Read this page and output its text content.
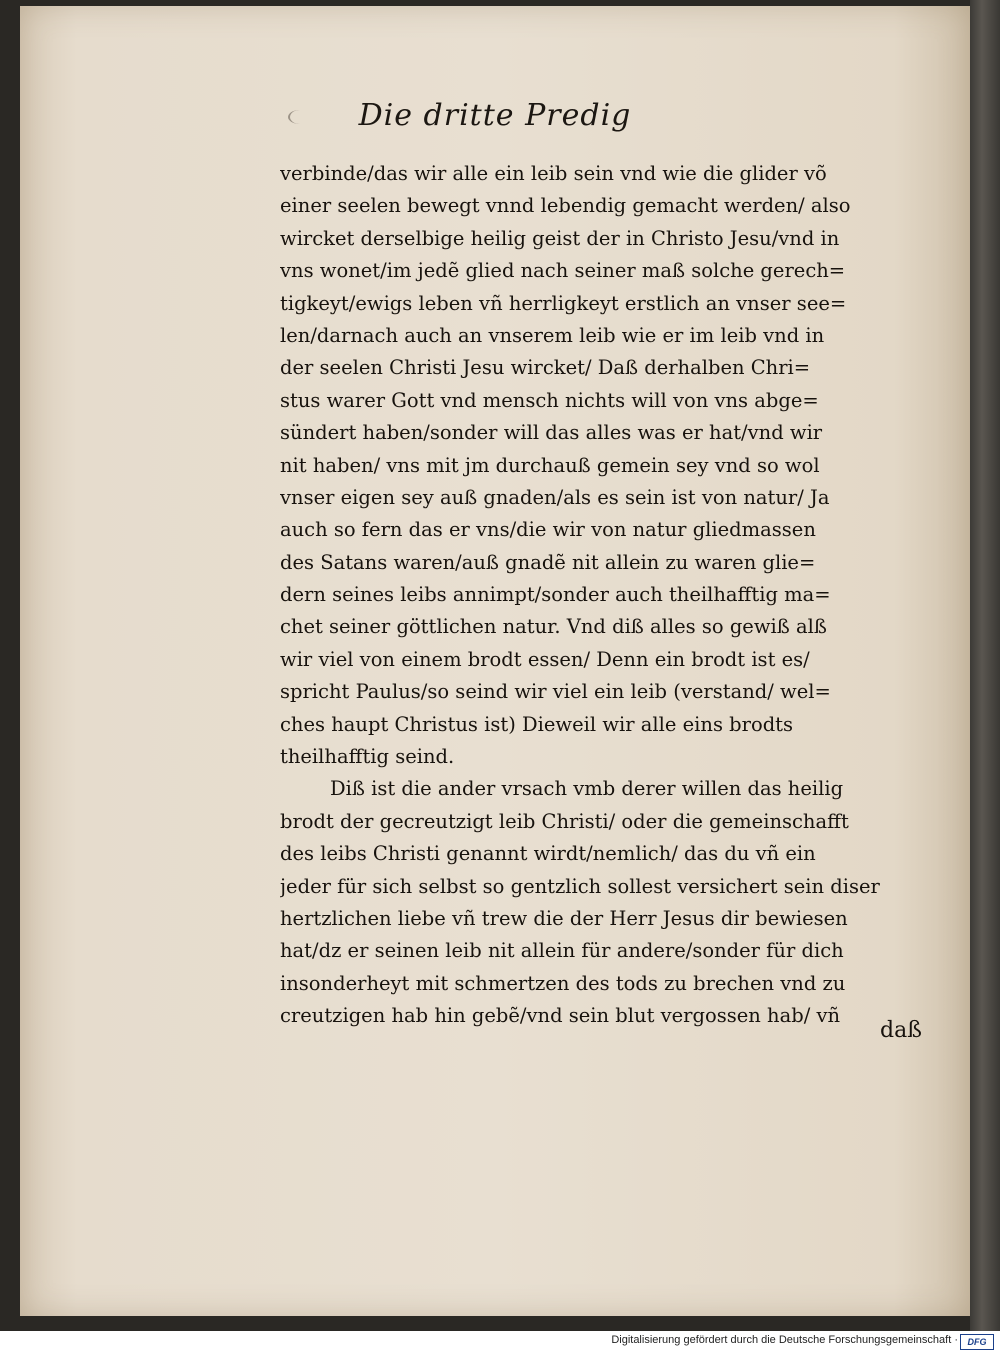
Die dritte Predig
verbinde/das wir alle ein leib sein vnd wie die glider võ
einer seelen bewegt vnnd lebendig gemacht werden/ also
wircket derselbige heilig geist der in Christo Jesu/vnd in
vns wonet/im jedẽ glied nach seiner maß solche gerech=
tigkeyt/ewigs leben vñ herrligkeyt erstlich an vnser see=
len/darnach auch an vnserem leib wie er im leib vnd in
der seelen Christi Jesu wircket/ Daß derhalben Chri=
stus warer Gott vnd mensch nichts will von vns abge=
sündert haben/sonder will das alles was er hat/vnd wir
nit haben/ vns mit jm durchauß gemein sey vnd so wol
vnser eigen sey auß gnaden/als es sein ist von natur/ Ja
auch so fern das er vns/die wir von natur gliedmassen
des Satans waren/auß gnadẽ nit allein zu waren glie=
dern seines leibs annimpt/sonder auch theilhafftig ma=
chet seiner göttlichen natur. Vnd diß alles so gewiß alß
wir viel von einem brodt essen/ Denn ein brodt ist es/
spricht Paulus/so seind wir viel ein leib (verstand/ wel=
ches haupt Christus ist) Dieweil wir alle eins brodts
theilhafftig seind.
Diß ist die ander vrsach vmb derer willen das heilig
brodt der gecreutzigt leib Christi/ oder die gemeinschafft
des leibs Christi genannt wirdt/nemlich/ das du vñ ein
jeder für sich selbst so gentzlich sollest versichert sein diser
hertzlichen liebe vñ trew die der Herr Jesus dir bewiesen
hat/dz er seinen leib nit allein für andere/sonder für dich
insonderheyt mit schmertzen des tods zu brechen vnd zu
creutzigen hab hin gebẽ/vnd sein blut vergossen hab/ vñ
daß
Digitalisierung gefördert durch die Deutsche Forschungsgemeinschaft ·	DFG
